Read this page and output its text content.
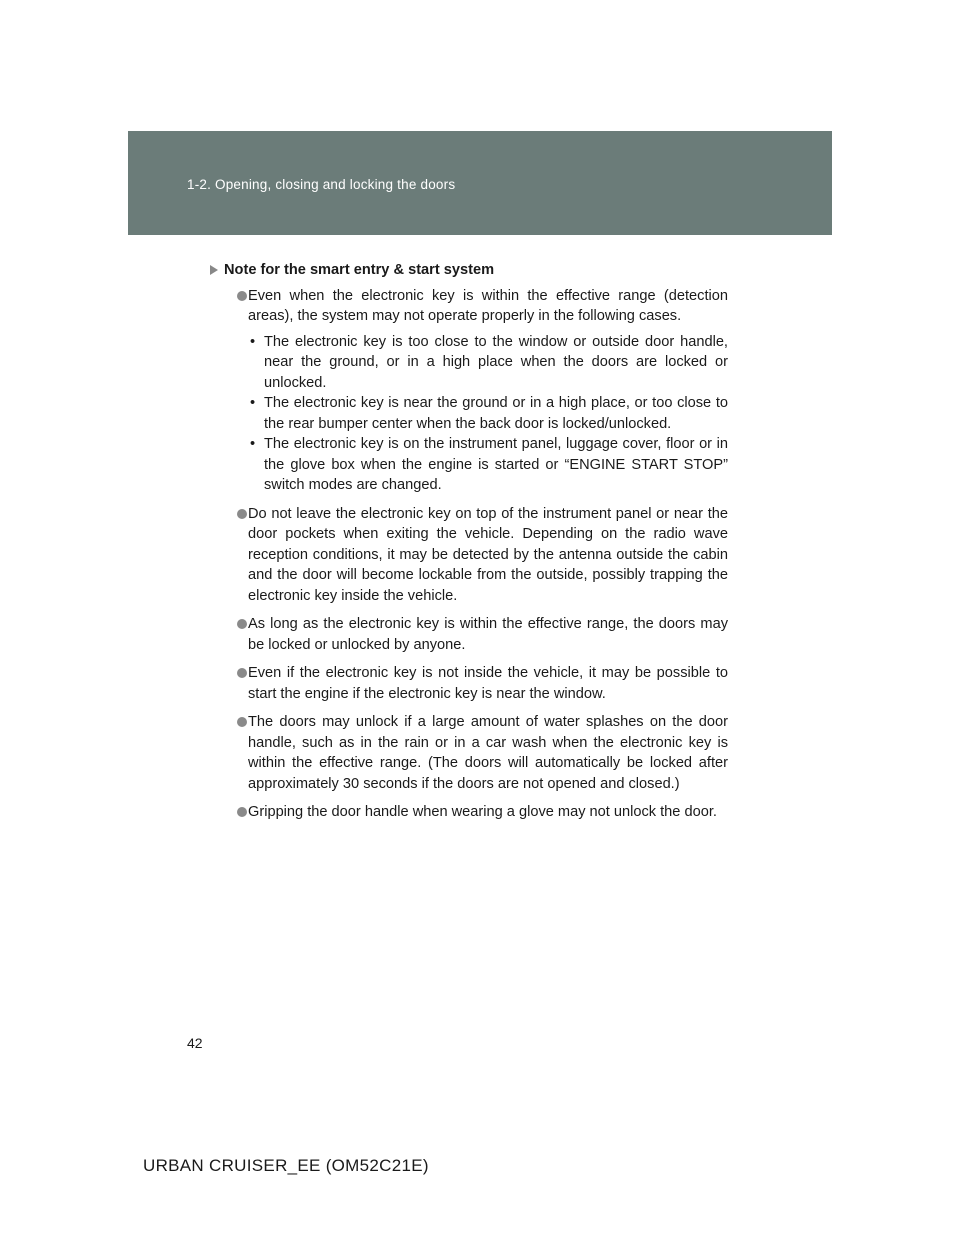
1-2. Opening, closing and locking the doors
Note for the smart entry & start system
Even when the electronic key is within the effective range (detection areas), the system may not operate properly in the following cases.
• The electronic key is too close to the window or outside door handle, near the ground, or in a high place when the doors are locked or unlocked.
• The electronic key is near the ground or in a high place, or too close to the rear bumper center when the back door is locked/unlocked.
• The electronic key is on the instrument panel, luggage cover, floor or in the glove box when the engine is started or “ENGINE START STOP” switch modes are changed.
Do not leave the electronic key on top of the instrument panel or near the door pockets when exiting the vehicle. Depending on the radio wave reception conditions, it may be detected by the antenna outside the cabin and the door will become lockable from the outside, possibly trapping the electronic key inside the vehicle.
As long as the electronic key is within the effective range, the doors may be locked or unlocked by anyone.
Even if the electronic key is not inside the vehicle, it may be possible to start the engine if the electronic key is near the window.
The doors may unlock if a large amount of water splashes on the door handle, such as in the rain or in a car wash when the electronic key is within the effective range. (The doors will automatically be locked after approximately 30 seconds if the doors are not opened and closed.)
Gripping the door handle when wearing a glove may not unlock the door.
42
URBAN CRUISER_EE (OM52C21E)
